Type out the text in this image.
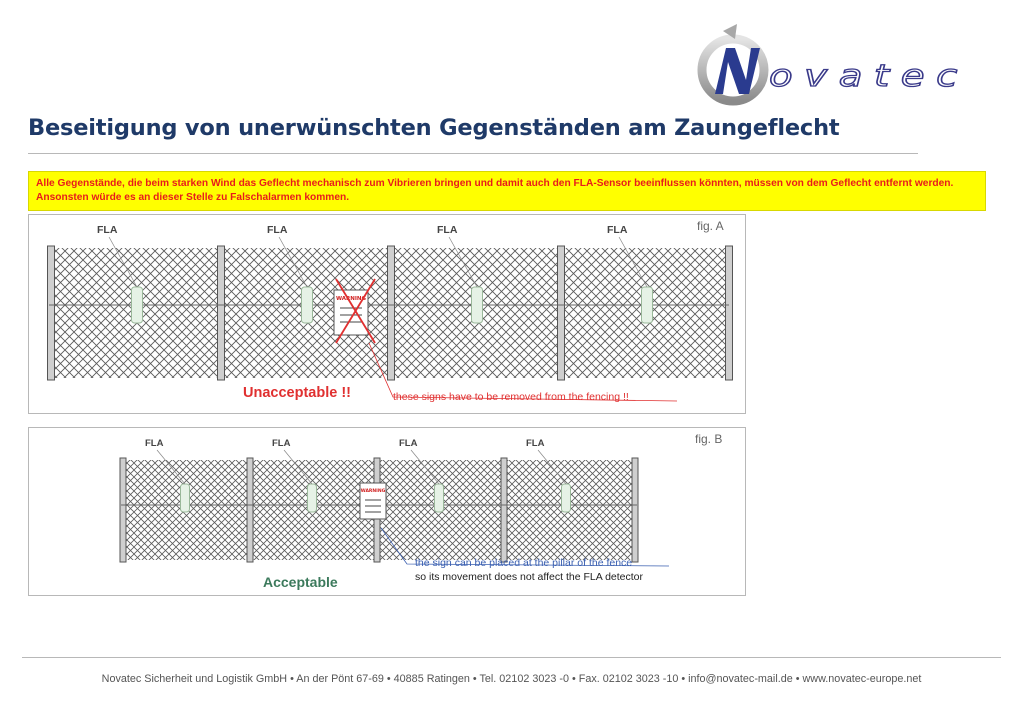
ovatec
Beseitigung von unerwünschten Gegenständen am Zaungeflecht
Alle Gegenstände, die beim starken Wind das Geflecht mechanisch zum Vibrieren bringen und damit auch den FLA-Sensor beeinflussen könnten, müssen von dem Geflecht entfernt werden. Ansonsten würde es an dieser Stelle zu Falschalarmen kommen.
FLA	FLA	FLA	FLA
WARNING
fig. A
Unacceptable !!	these signs have to be removed from the fencing !!
FLA	FLA	FLA	FLA
WARNING
fig. B
Acceptable
the sign can be placed at the pillar of the fence
so its movement does not affect the FLA detector
Novatec Sicherheit und Logistik GmbH • An der Pönt 67-69 • 40885 Ratingen • Tel. 02102 3023 -0 • Fax. 02102 3023 -10 • info@novatec-mail.de • www.novatec-europe.net
